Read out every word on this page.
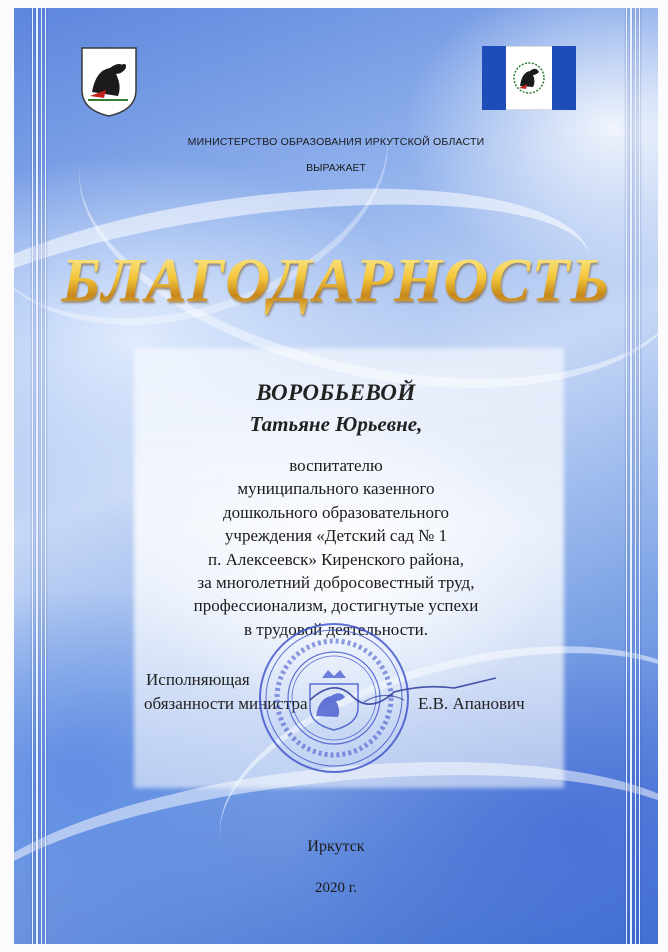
МИНИСТЕРСТВО ОБРАЗОВАНИЯ ИРКУТСКОЙ ОБЛАСТИ
ВЫРАЖАЕТ
БЛАГОДАРНОСТЬ
ВОРОБЬЕВОЙ
Татьяне Юрьевне,
воспитателю
муниципального казенного
дошкольного образовательного
учреждения «Детский сад № 1
п. Алексеевск» Киренского района,
за многолетний добросовестный труд,
профессионализм, достигнутые успехи
в трудовой деятельности.
Исполняющая
обязанности министра	Е.В. Апанович
Иркутск
2020 г.
